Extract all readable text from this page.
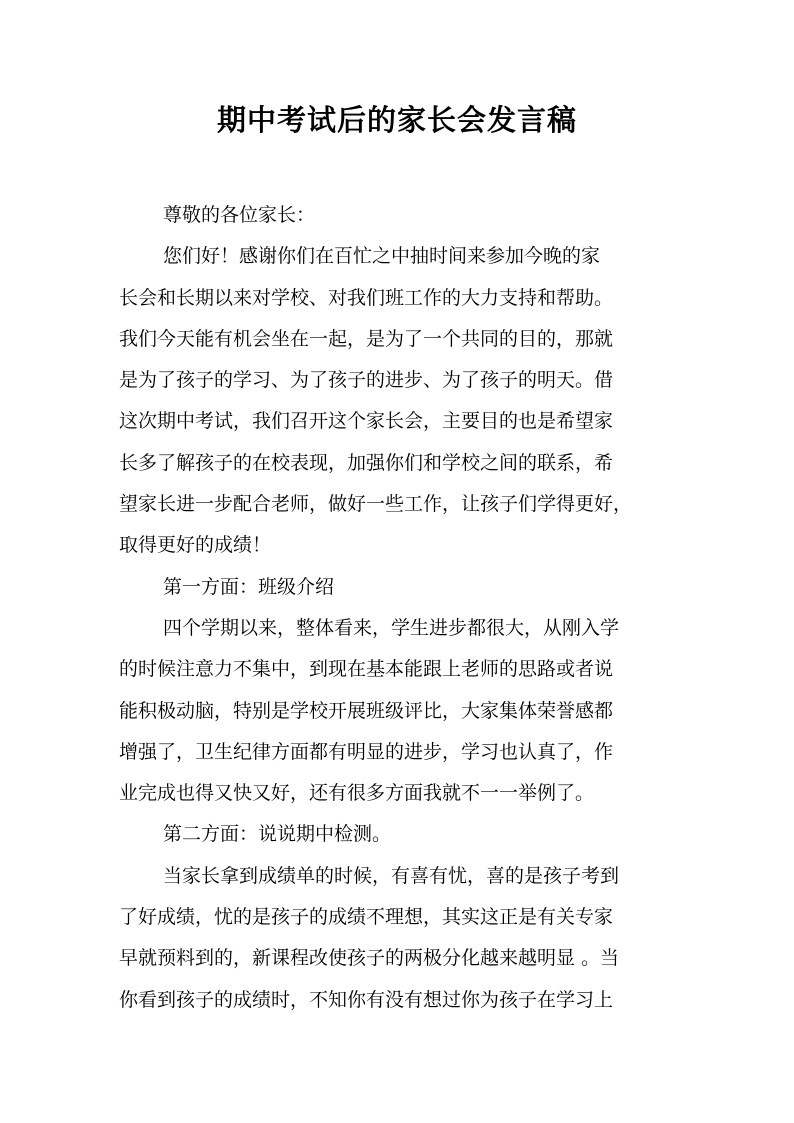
期中考试后的家长会发言稿
尊敬的各位家长：
您们好！感谢你们在百忙之中抽时间来参加今晚的家
长会和长期以来对学校、对我们班工作的大力支持和帮助。
我们今天能有机会坐在一起，是为了一个共同的目的，那就
是为了孩子的学习、为了孩子的进步、为了孩子的明天。借
这次期中考试，我们召开这个家长会，主要目的也是希望家
长多了解孩子的在校表现，加强你们和学校之间的联系，希
望家长进一步配合老师，做好一些工作，让孩子们学得更好，
取得更好的成绩！
第一方面：班级介绍
四个学期以来，整体看来，学生进步都很大，从刚入学
的时候注意力不集中，到现在基本能跟上老师的思路或者说
能积极动脑，特别是学校开展班级评比，大家集体荣誉感都
增强了，卫生纪律方面都有明显的进步，学习也认真了，作
业完成也得又快又好，还有很多方面我就不一一举例了。
第二方面：说说期中检测。
当家长拿到成绩单的时候，有喜有忧，喜的是孩子考到
了好成绩，忧的是孩子的成绩不理想，其实这正是有关专家
早就预料到的，新课程改使孩子的两极分化越来越明显 。当
你看到孩子的成绩时，不知你有没有想过你为孩子在学习上
